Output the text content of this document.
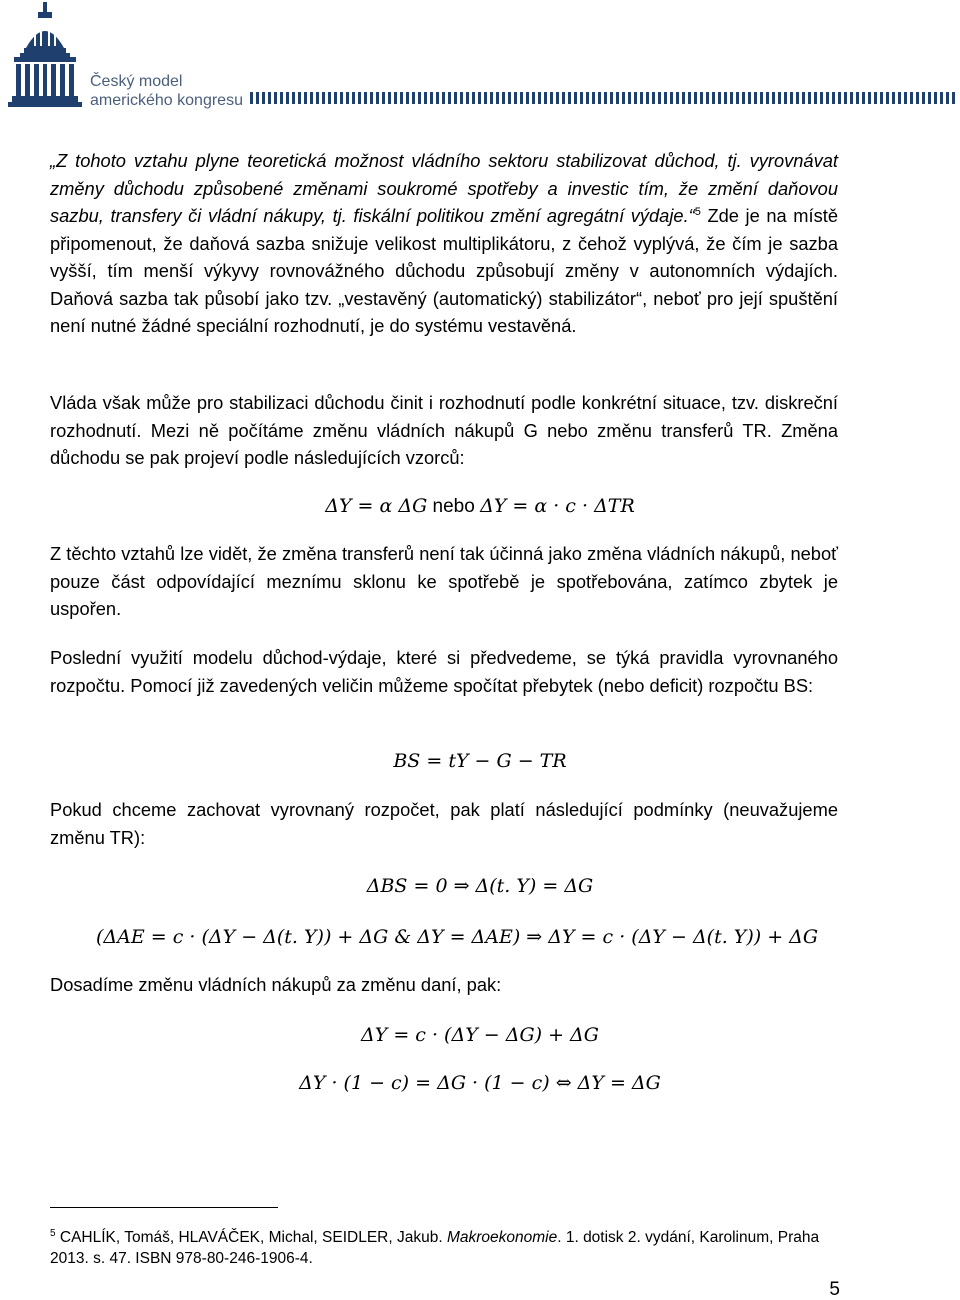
Český model
amerického kongresu

„Z tohoto vztahu plyne teoretická možnost vládního sektoru stabilizovat důchod, tj. vyrovnávat změny důchodu způsobené změnami soukromé spotřeby a investic tím, že změní daňovou sazbu, transfery či vládní nákupy, tj. fiskální politikou změní agregátní výdaje.“$^5$ Zde je na místě připomenout, že daňová sazba snižuje velikost multiplikátoru, z čehož vyplývá, že čím je sazba vyšší, tím menší výkyvy rovnovážného důchodu způsobují změny v autonomních výdajích. Daňová sazba tak působí jako tzv. „vestavěný (automatický) stabilizátor“, neboť pro její spuštění není nutné žádné speciální rozhodnutí, je do systému vestavěná.

Vláda však může pro stabilizaci důchodu činit i rozhodnutí podle konkrétní situace, tzv. diskreční rozhodnutí. Mezi ně počítáme změnu vládních nákupů G nebo změnu transferů TR. Změna důchodu se pak projeví podle následujících vzorců:

ΔY = α ΔG nebo ΔY = α · c · ΔTR

Z těchto vztahů lze vidět, že změna transferů není tak účinná jako změna vládních nákupů, neboť pouze část odpovídající meznímu sklonu ke spotřebě je spotřebována, zatímco zbytek je uspořen.

Poslední využití modelu důchod-výdaje, které si předvedeme, se týká pravidla vyrovnaného rozpočtu. Pomocí již zavedených veličin můžeme spočítat přebytek (nebo deficit) rozpočtu BS:

BS = tY − G − TR

Pokud chceme zachovat vyrovnaný rozpočet, pak platí následující podmínky (neuvažujeme změnu TR):

ΔBS = 0 ⇒ Δ(t. Y) = ΔG
(ΔAE = c · (ΔY − Δ(t. Y)) + ΔG & ΔY = ΔAE) ⇒ ΔY = c · (ΔY − Δ(t. Y)) + ΔG

Dosadíme změnu vládních nákupů za změnu daní, pak:

ΔY = c · (ΔY − ΔG) + ΔG
ΔY · (1 − c) = ΔG · (1 − c) ⇔ ΔY = ΔG

$^5$ CAHLÍK, Tomáš, HLAVÁČEK, Michal, SEIDLER, Jakub. Makroekonomie. 1. dotisk 2. vydání, Karolinum, Praha 2013. s. 47. ISBN 978-80-246-1906-4.

5
